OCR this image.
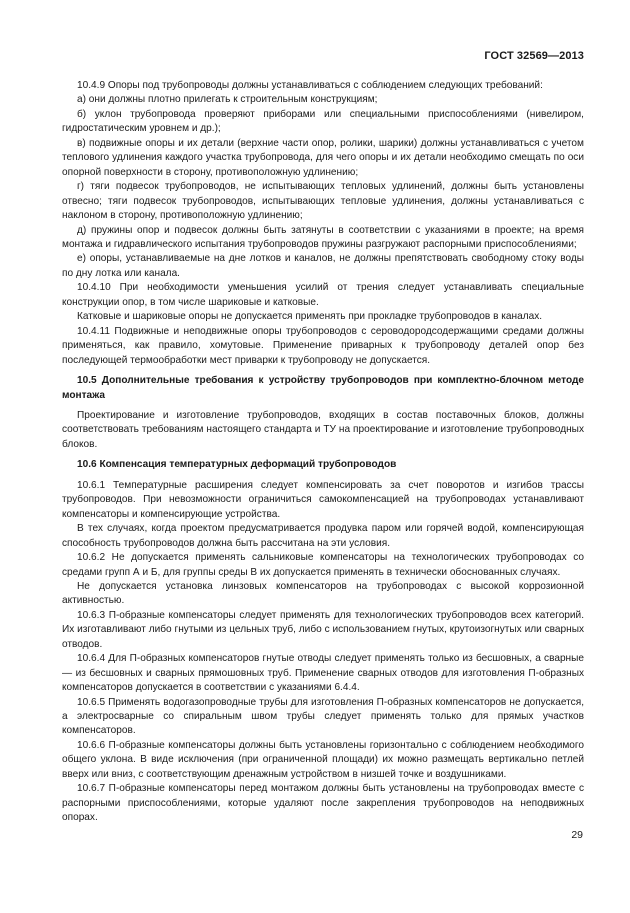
ГОСТ 32569—2013

10.4.9 Опоры под трубопроводы должны устанавливаться с соблюдением следующих требований:

а) они должны плотно прилегать к строительным конструкциям;

б) уклон трубопровода проверяют приборами или специальными приспособлениями (нивелиром, гидростатическим уровнем и др.);

в) подвижные опоры и их детали (верхние части опор, ролики, шарики) должны устанавливаться с учетом теплового удлинения каждого участка трубопровода, для чего опоры и их детали необходимо смещать по оси опорной поверхности в сторону, противоположную удлинению;

г) тяги подвесок трубопроводов, не испытывающих тепловых удлинений, должны быть установлены отвесно; тяги подвесок трубопроводов, испытывающих тепловые удлинения, должны устанавливаться с наклоном в сторону, противоположную удлинению;

д) пружины опор и подвесок должны быть затянуты в соответствии с указаниями в проекте; на время монтажа и гидравлического испытания трубопроводов пружины разгружают распорными приспособлениями;

е) опоры, устанавливаемые на дне лотков и каналов, не должны препятствовать свободному стоку воды по дну лотка или канала.

10.4.10 При необходимости уменьшения усилий от трения следует устанавливать специальные конструкции опор, в том числе шариковые и катковые.

Катковые и шариковые опоры не допускается применять при прокладке трубопроводов в каналах.

10.4.11 Подвижные и неподвижные опоры трубопроводов с сероводородсодержащими средами должны применяться, как правило, хомутовые. Применение приварных к трубопроводу деталей опор без последующей термообработки мест приварки к трубопроводу не допускается.

10.5 Дополнительные требования к устройству трубопроводов при комплектно-блочном методе монтажа

Проектирование и изготовление трубопроводов, входящих в состав поставочных блоков, должны соответствовать требованиям настоящего стандарта и ТУ на проектирование и изготовление трубопроводных блоков.

10.6 Компенсация температурных деформаций трубопроводов

10.6.1 Температурные расширения следует компенсировать за счет поворотов и изгибов трассы трубопроводов. При невозможности ограничиться самокомпенсацией на трубопроводах устанавливают компенсаторы и компенсирующие устройства.

В тех случаях, когда проектом предусматривается продувка паром или горячей водой, компенсирующая способность трубопроводов должна быть рассчитана на эти условия.

10.6.2 Не допускается применять сальниковые компенсаторы на технологических трубопроводах со средами групп А и Б, для группы среды В их допускается применять в технически обоснованных случаях.

Не допускается установка линзовых компенсаторов на трубопроводах с высокой коррозионной активностью.

10.6.3 П-образные компенсаторы следует применять для технологических трубопроводов всех категорий. Их изготавливают либо гнутыми из цельных труб, либо с использованием гнутых, крутоизогнутых или сварных отводов.

10.6.4 Для П-образных компенсаторов гнутые отводы следует применять только из бесшовных, а сварные — из бесшовных и сварных прямошовных труб. Применение сварных отводов для изготовления П-образных компенсаторов допускается в соответствии с указаниями 6.4.4.

10.6.5 Применять водогазопроводные трубы для изготовления П-образных компенсаторов не допускается, а электросварные со спиральным швом трубы следует применять только для прямых участков компенсаторов.

10.6.6 П-образные компенсаторы должны быть установлены горизонтально с соблюдением необходимого общего уклона. В виде исключения (при ограниченной площади) их можно размещать вертикально петлей вверх или вниз, с соответствующим дренажным устройством в низшей точке и воздушниками.

10.6.7 П-образные компенсаторы перед монтажом должны быть установлены на трубопроводах вместе с распорными приспособлениями, которые удаляют после закрепления трубопроводов на неподвижных опорах.

29
